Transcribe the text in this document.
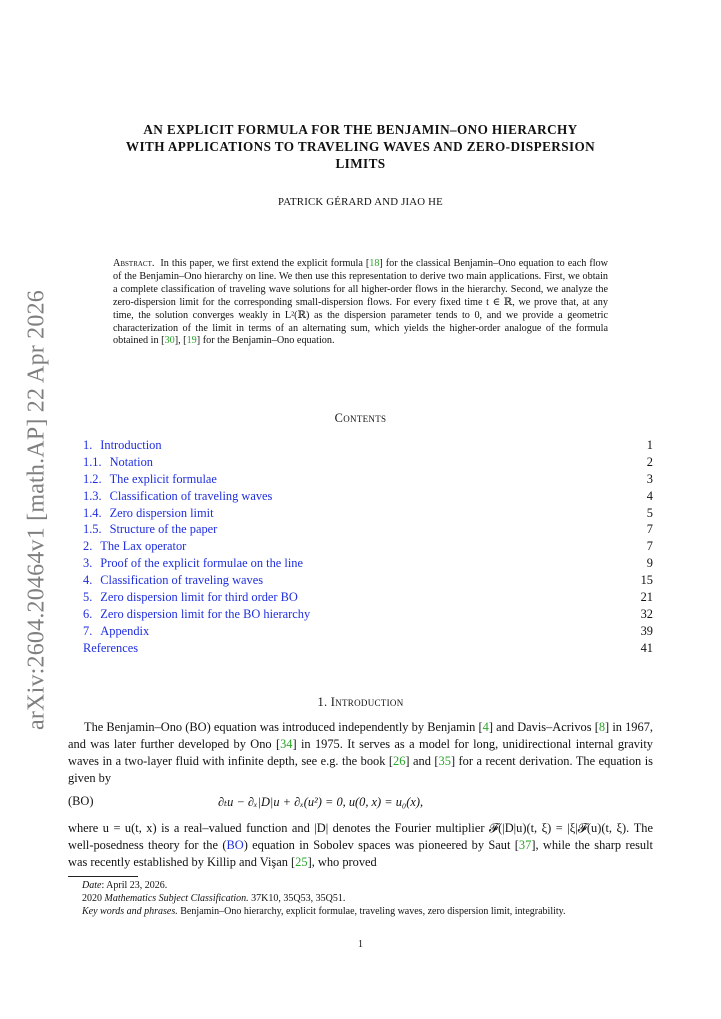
arXiv:2604.20464v1 [math.AP] 22 Apr 2026
AN EXPLICIT FORMULA FOR THE BENJAMIN–ONO HIERARCHY
WITH APPLICATIONS TO TRAVELING WAVES AND ZERO-DISPERSION
LIMITS
PATRICK GÉRARD AND JIAO HE
Abstract. In this paper, we first extend the explicit formula [18] for the classical Benjamin–Ono equation to each flow of the Benjamin–Ono hierarchy on line. We then use this representation to derive two main applications. First, we obtain a complete classification of traveling wave solutions for all higher-order flows in the hierarchy. Second, we analyze the zero-dispersion limit for the corresponding small-dispersion flows. For every fixed time t ∈ ℝ, we prove that, at any time, the solution converges weakly in L²(ℝ) as the dispersion parameter tends to 0, and we provide a geometric characterization of the limit in terms of an alternating sum, which yields the higher-order analogue of the formula obtained in [30], [19] for the Benjamin–Ono equation.
Contents
1. Introduction	1
1.1. Notation	2
1.2. The explicit formulae	3
1.3. Classification of traveling waves	4
1.4. Zero dispersion limit	5
1.5. Structure of the paper	7
2. The Lax operator	7
3. Proof of the explicit formulae on the line	9
4. Classification of traveling waves	15
5. Zero dispersion limit for third order BO	21
6. Zero dispersion limit for the BO hierarchy	32
7. Appendix	39
References	41
1. Introduction
The Benjamin–Ono (BO) equation was introduced independently by Benjamin [4] and Davis–Acrivos [8] in 1967, and was later further developed by Ono [34] in 1975. It serves as a model for long, unidirectional internal gravity waves in a two-layer fluid with infinite depth, see e.g. the book [26] and [35] for a recent derivation. The equation is given by
(BO)	∂ₜu − ∂ₓ|D|u + ∂ₓ(u²) = 0, u(0, x) = u₀(x),
where u = u(t, x) is a real–valued function and |D| denotes the Fourier multiplier 𝓕(|D|u)(t, ξ) = |ξ|𝓕(u)(t, ξ). The well-posedness theory for the (BO) equation in Sobolev spaces was pioneered by Saut [37], while the sharp result was recently established by Killip and Vişan [25], who proved
Date: April 23, 2026.
2020 Mathematics Subject Classification. 37K10, 35Q53, 35Q51.
Key words and phrases. Benjamin–Ono hierarchy, explicit formulae, traveling waves, zero dispersion limit, integrability.
1
